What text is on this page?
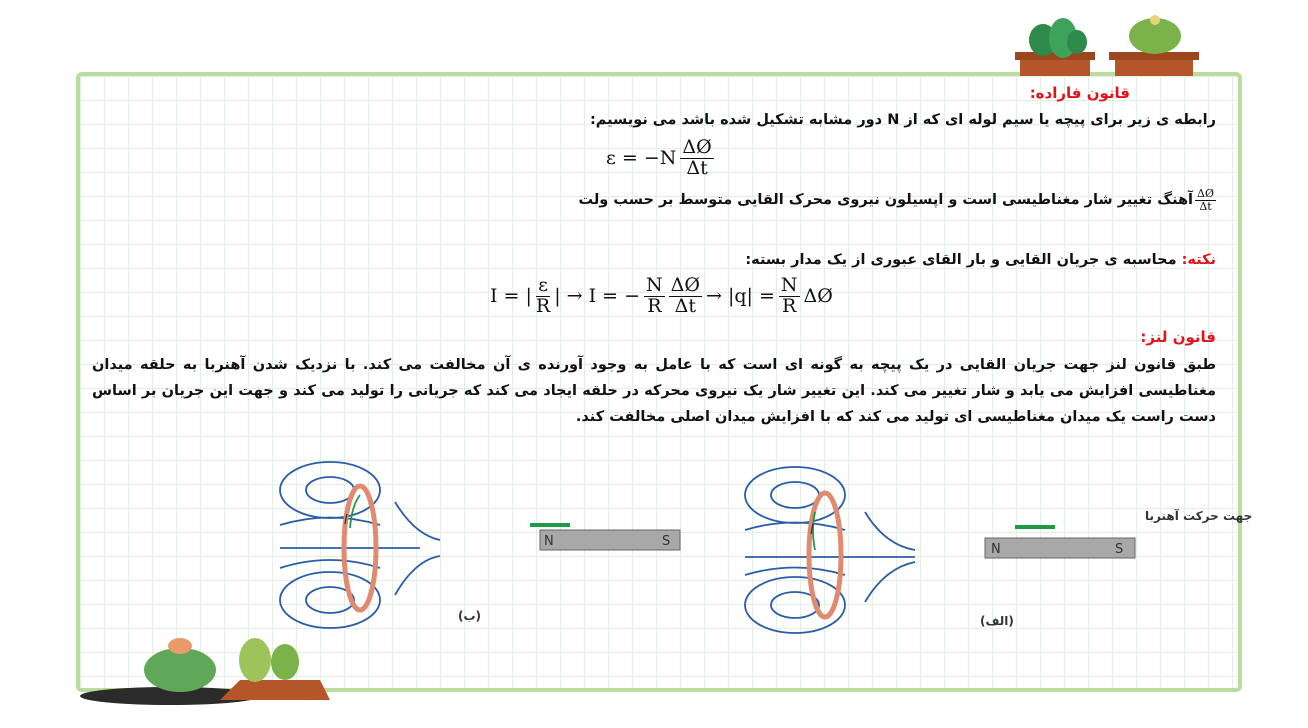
قانون فاراده:
رابطه ی زیر برای پیچه یا سیم لوله ای که از N دور مشابه تشکیل شده باشد می نویسیم:
$\varepsilon = -N \frac{\Delta Ø}{\Delta t}$
$\frac{\Delta Ø}{\Delta t}$
آهنگ تغییر شار مغناطیسی است و اپسیلون نیروی محرک القایی متوسط بر حسب ولت
نکته: محاسبه ی جریان القایی و بار القای عبوری از یک مدار بسته:
I = | $\frac{\varepsilon}{R}$ | → I = − $\frac{N}{R} \frac{\Delta Ø}{\Delta t} \to |q| = \frac{N}{R}$ ΔØ
قانون لنز:
طبق قانون لنز جهت جریان القایی در یک پیچه به گونه ای است که با عامل به وجود آورنده ی آن مخالفت می کند. با نزدیک شدن آهنربا به حلقه میدان مغناطیسی افزایش می یابد و شار تغییر می کند. این تغییر شار یک نیروی محرکه در حلقه ایجاد می کند که جریانی را تولید می کند و جهت این جریان بر اساس دست راست یک میدان مغناطیسی ای تولید می کند که با افزایش میدان اصلی مخالفت کند.
I
N	S
(ب)
N	S
I
جهت حرکت آهنربا
(الف)
